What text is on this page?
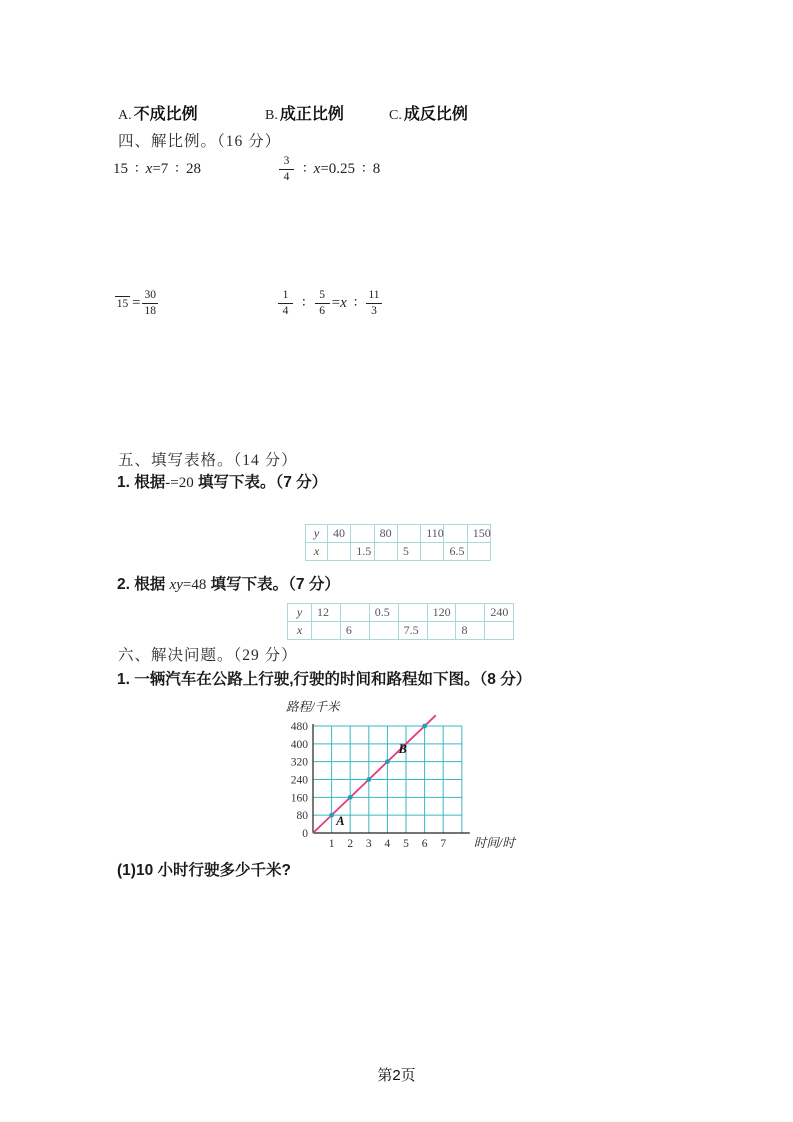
A. 不成比例	B. 成正比例	C. 成反比例
四、解比例。（16 分）
15 ∶ x=7 ∶ 28	$\frac{3}{4}$ ∶ x=0.25 ∶ 8
$15 = \frac{30}{18}$	$\frac{1}{4}$ ∶ $\frac{5}{6} = x$ ∶ $\frac{11}{3}$
五、填写表格。（14 分）
1. 根据-=20 填写下表。（7 分）
y	40		80		110		150
x		1.5		5		6.5	
2. 根据 xy=48 填写下表。（7 分）
y	12		0.5		120		240
x		6		7.5		8	
六、解决问题。（29 分）
1. 一辆汽车在公路上行驶,行驶的时间和路程如下图。（8 分）
0
80
160
240
320
400
480
1 2 3 4 5 6 7
路程/千米
时间/时
A
B
(1)10 小时行驶多少千米?
第2页
